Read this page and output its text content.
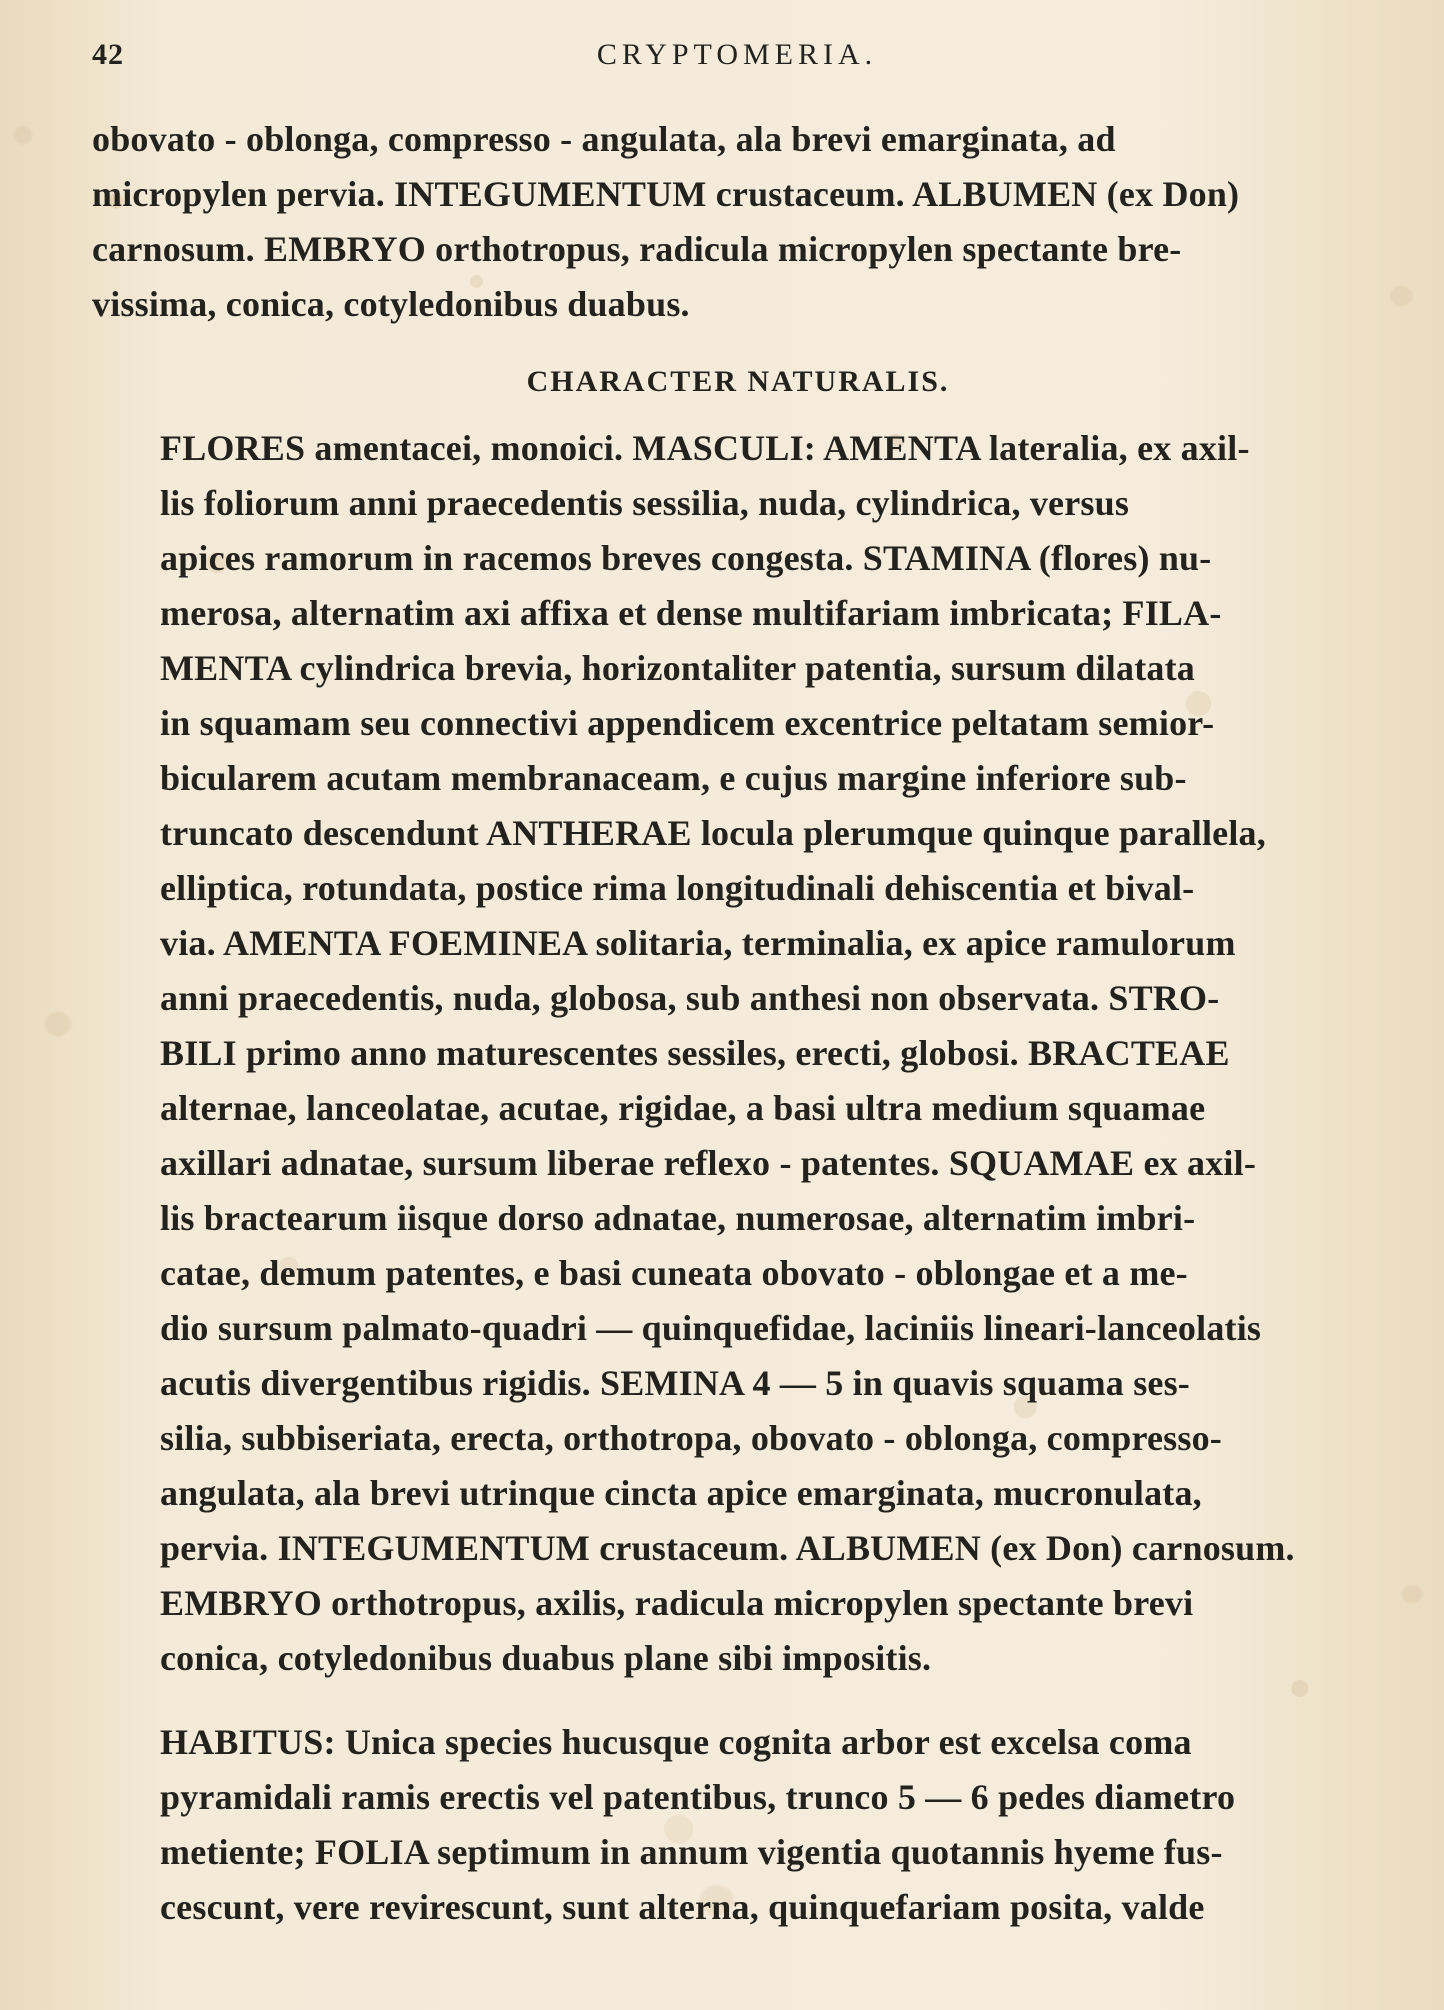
42	CRYPTOMERIA.
obovato - oblonga, compresso - angulata, ala brevi emarginata, ad
micropylen pervia. INTEGUMENTUM crustaceum. ALBUMEN (ex Don)
carnosum. EMBRYO orthotropus, radicula micropylen spectante bre-
vissima, conica, cotyledonibus duabus.
CHARACTER NATURALIS.
FLORES amentacei, monoici. MASCULI: AMENTA lateralia, ex axil-
lis foliorum anni praecedentis sessilia, nuda, cylindrica, versus
apices ramorum in racemos breves congesta. STAMINA (flores) nu-
merosa, alternatim axi affixa et dense multifariam imbricata; FILA-
MENTA cylindrica brevia, horizontaliter patentia, sursum dilatata
in squamam seu connectivi appendicem excentrice peltatam semior-
bicularem acutam membranaceam, e cujus margine inferiore sub-
truncato descendunt ANTHERAE locula plerumque quinque parallela,
elliptica, rotundata, postice rima longitudinali dehiscentia et bival-
via. AMENTA FOEMINEA solitaria, terminalia, ex apice ramulorum
anni praecedentis, nuda, globosa, sub anthesi non observata. STRO-
BILI primo anno maturescentes sessiles, erecti, globosi. BRACTEAE
alternae, lanceolatae, acutae, rigidae, a basi ultra medium squamae
axillari adnatae, sursum liberae reflexo - patentes. SQUAMAE ex axil-
lis bractearum iisque dorso adnatae, numerosae, alternatim imbri-
catae, demum patentes, e basi cuneata obovato - oblongae et a me-
dio sursum palmato-quadri — quinquefidae, laciniis lineari-lanceolatis
acutis divergentibus rigidis. SEMINA 4 — 5 in quavis squama ses-
silia, subbiseriata, erecta, orthotropa, obovato - oblonga, compresso-
angulata, ala brevi utrinque cincta apice emarginata, mucronulata,
pervia. INTEGUMENTUM crustaceum. ALBUMEN (ex Don) carnosum.
EMBRYO orthotropus, axilis, radicula micropylen spectante brevi
conica, cotyledonibus duabus plane sibi impositis.
HABITUS: Unica species hucusque cognita arbor est excelsa coma
pyramidali ramis erectis vel patentibus, trunco 5 — 6 pedes diametro
metiente; FOLIA septimum in annum vigentia quotannis hyeme fus-
cescunt, vere revirescunt, sunt alterna, quinquefariam posita, valde
